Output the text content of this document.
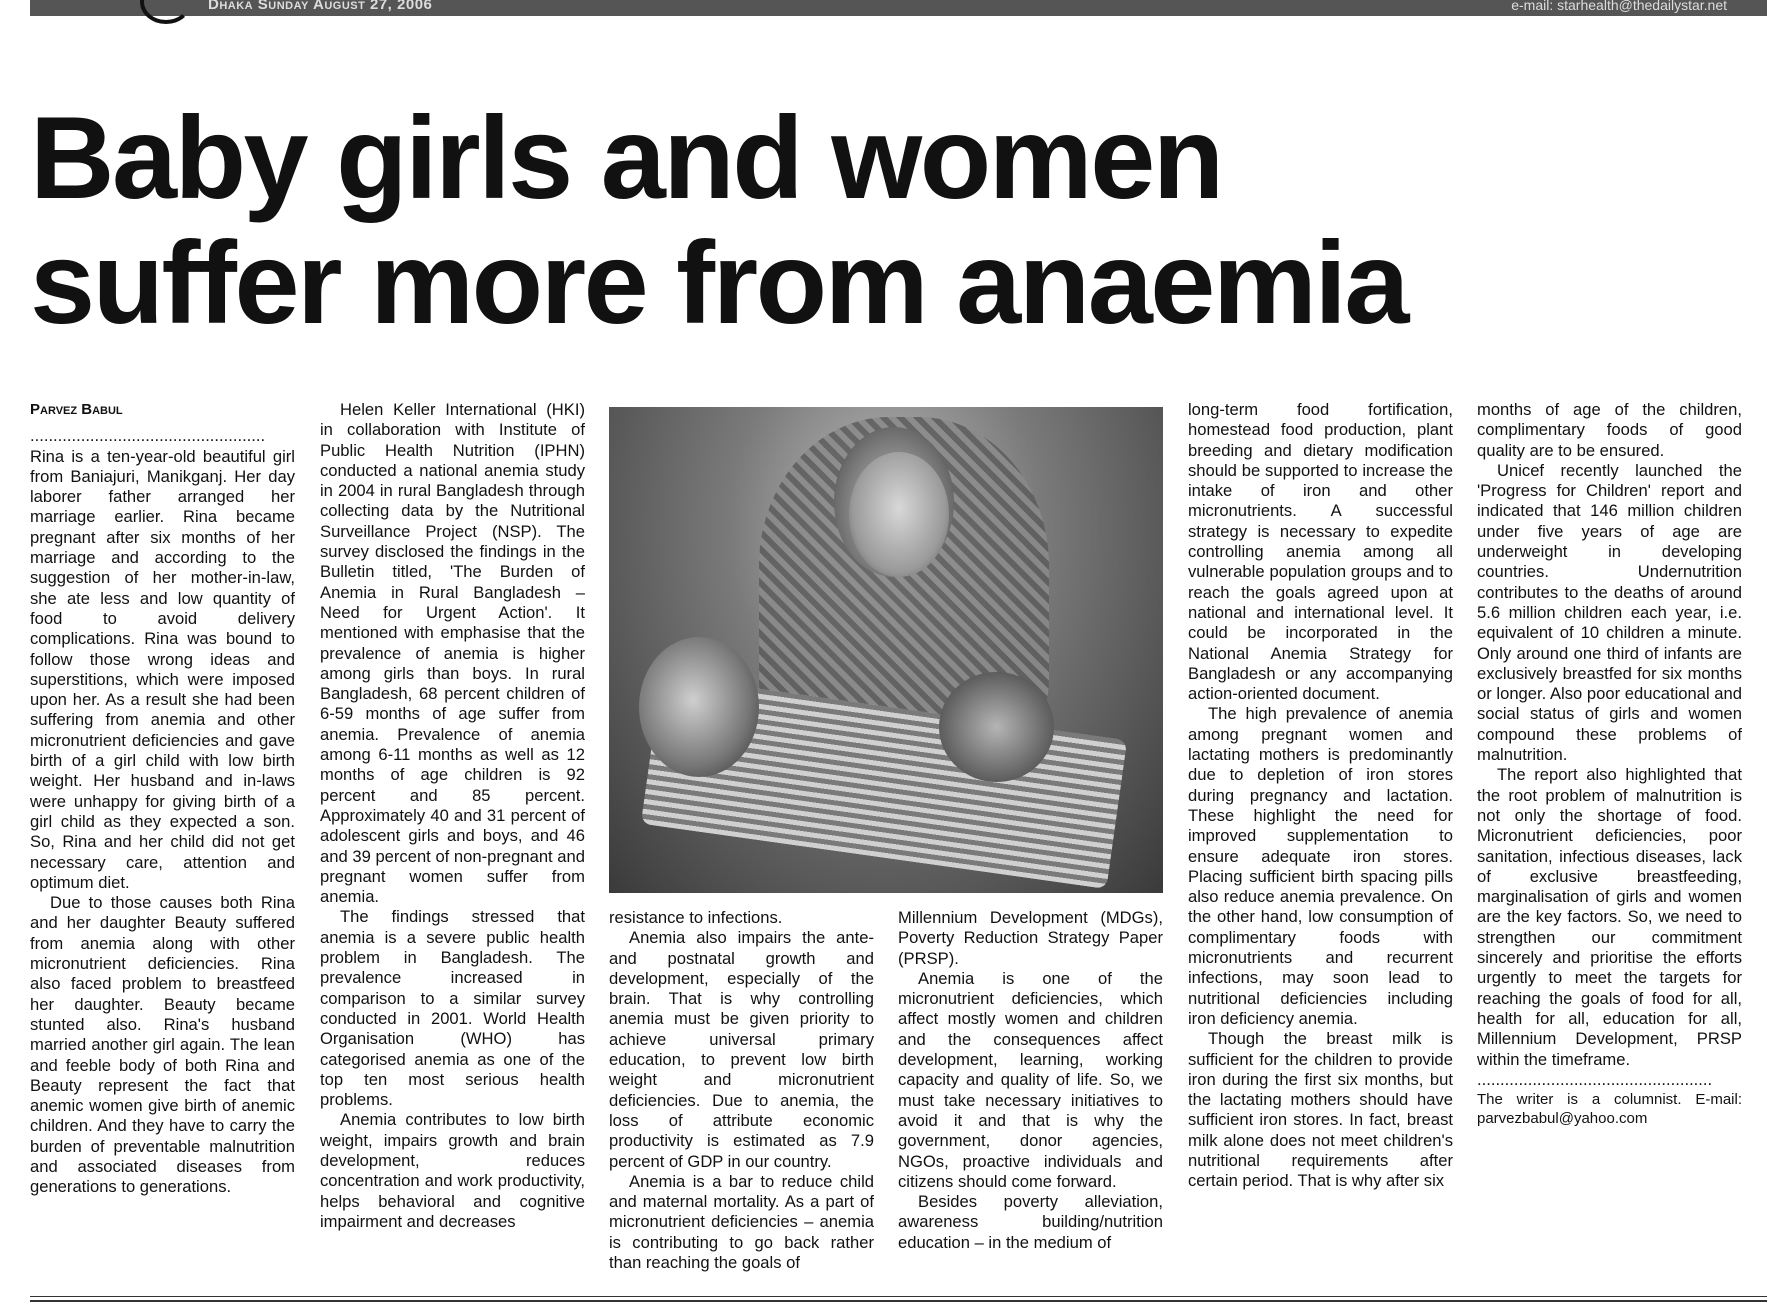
Dhaka Sunday August 27, 2006	e-mail: starhealth@thedailystar.net
Baby girls and women
suffer more from anaemia

Parvez Babul

...................................................

Rina is a ten-year-old beautiful girl from Baniajuri, Manikganj. Her day laborer father arranged her marriage earlier. Rina became pregnant after six months of her marriage and according to the suggestion of her mother-in-law, she ate less and low quantity of food to avoid delivery complications. Rina was bound to follow those wrong ideas and superstitions, which were imposed upon her. As a result she had been suffering from anemia and other micronutrient deficiencies and gave birth of a girl child with low birth weight. Her husband and in-laws were unhappy for giving birth of a girl child as they expected a son. So, Rina and her child did not get necessary care, attention and optimum diet.

Due to those causes both Rina and her daughter Beauty suffered from anemia along with other micronutrient deficiencies. Rina also faced problem to breastfeed her daughter. Beauty became stunted also. Rina's husband married another girl again. The lean and feeble body of both Rina and Beauty represent the fact that anemic women give birth of anemic children. And they have to carry the burden of preventable malnutrition and associated diseases from generations to generations.

Helen Keller International (HKI) in collaboration with Institute of Public Health Nutrition (IPHN) conducted a national anemia study in 2004 in rural Bangladesh through collecting data by the Nutritional Surveillance Project (NSP). The survey disclosed the findings in the Bulletin titled, 'The Burden of Anemia in Rural Bangladesh – Need for Urgent Action'. It mentioned with emphasise that the prevalence of anemia is higher among girls than boys. In rural Bangladesh, 68 percent children of 6-59 months of age suffer from anemia. Prevalence of anemia among 6-11 months as well as 12 months of age children is 92 percent and 85 percent. Approximately 40 and 31 percent of adolescent girls and boys, and 46 and 39 percent of non-pregnant and pregnant women suffer from anemia.

The findings stressed that anemia is a severe public health problem in Bangladesh. The prevalence increased in comparison to a similar survey conducted in 2001. World Health Organisation (WHO) has categorised anemia as one of the top ten most serious health problems.

Anemia contributes to low birth weight, impairs growth and brain development, reduces concentration and work productivity, helps behavioral and cognitive impairment and decreases

resistance to infections.

Anemia also impairs the ante- and postnatal growth and development, especially of the brain. That is why controlling anemia must be given priority to achieve universal primary education, to prevent low birth weight and micronutrient deficiencies. Due to anemia, the loss of attribute economic productivity is estimated as 7.9 percent of GDP in our country.

Anemia is a bar to reduce child and maternal mortality. As a part of micronutrient deficiencies – anemia is contributing to go back rather than reaching the goals of

Millennium Development (MDGs), Poverty Reduction Strategy Paper (PRSP).

Anemia is one of the micronutrient deficiencies, which affect mostly women and children and the consequences affect development, learning, working capacity and quality of life. So, we must take necessary initiatives to avoid it and that is why the government, donor agencies, NGOs, proactive individuals and citizens should come forward.

Besides poverty alleviation, awareness building/nutrition education – in the medium of

long-term food fortification, homestead food production, plant breeding and dietary modification should be supported to increase the intake of iron and other micronutrients. A successful strategy is necessary to expedite controlling anemia among all vulnerable population groups and to reach the goals agreed upon at national and international level. It could be incorporated in the National Anemia Strategy for Bangladesh or any accompanying action-oriented document.

The high prevalence of anemia among pregnant women and lactating mothers is predominantly due to depletion of iron stores during pregnancy and lactation. These highlight the need for improved supplementation to ensure adequate iron stores. Placing sufficient birth spacing pills also reduce anemia prevalence. On the other hand, low consumption of complimentary foods with micronutrients and recurrent infections, may soon lead to nutritional deficiencies including iron deficiency anemia.

Though the breast milk is sufficient for the children to provide iron during the first six months, but the lactating mothers should have sufficient iron stores. In fact, breast milk alone does not meet children's nutritional requirements after certain period. That is why after six

months of age of the children, complimentary foods of good quality are to be ensured.

Unicef recently launched the 'Progress for Children' report and indicated that 146 million children under five years of age are underweight in developing countries. Undernutrition contributes to the deaths of around 5.6 million children each year, i.e. equivalent of 10 children a minute. Only around one third of infants are exclusively breastfed for six months or longer. Also poor educational and social status of girls and women compound these problems of malnutrition.

The report also highlighted that the root problem of malnutrition is not only the shortage of food. Micronutrient deficiencies, poor sanitation, infectious diseases, lack of exclusive breastfeeding, marginalisation of girls and women are the key factors. So, we need to strengthen our commitment sincerely and prioritise the efforts urgently to meet the targets for reaching the goals of food for all, health for all, education for all, Millennium Development, PRSP within the timeframe.

...................................................

The writer is a columnist. E-mail: parvezbabul@yahoo.com
